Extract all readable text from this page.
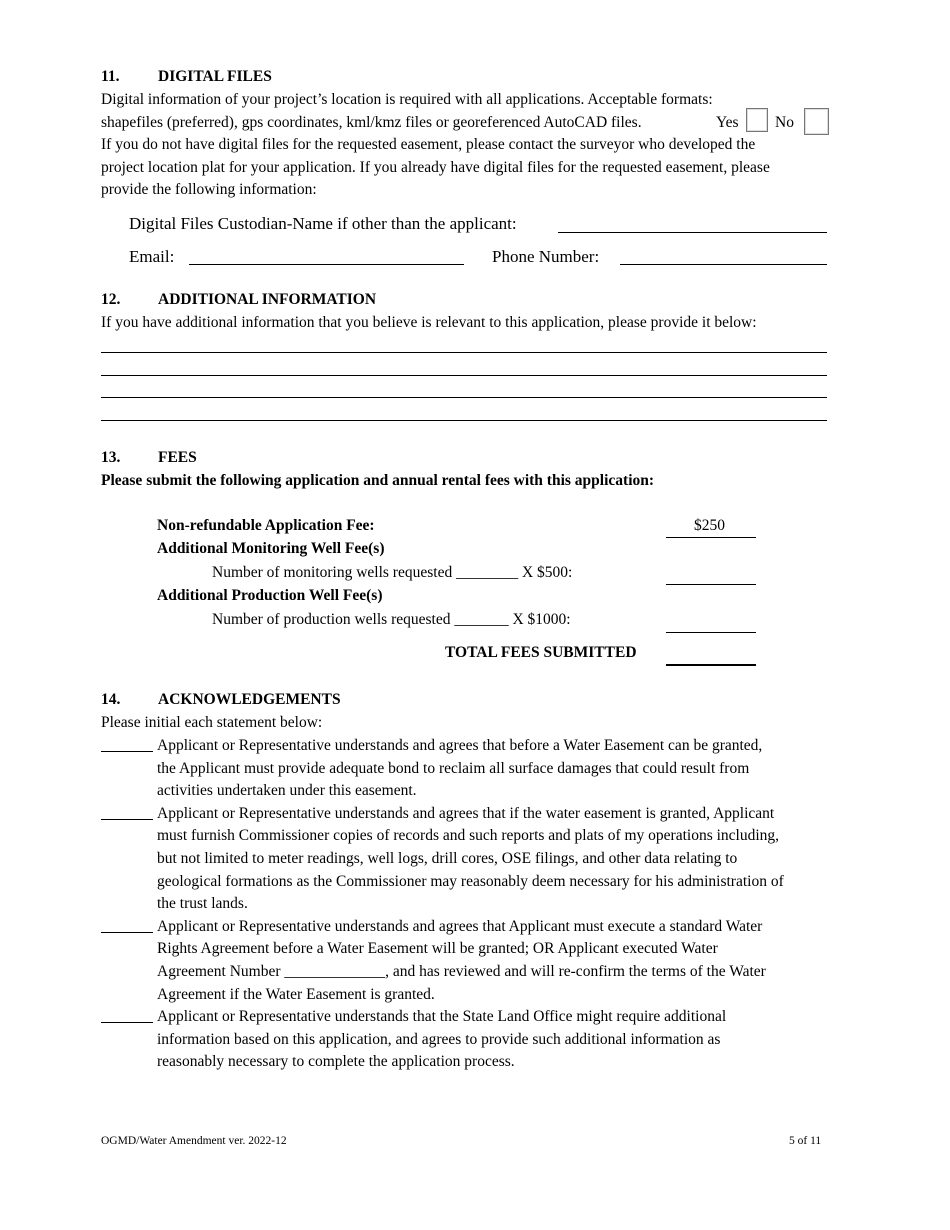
11. DIGITAL FILES
Digital information of your project’s location is required with all applications. Acceptable formats:
shapefiles (preferred), gps coordinates, kml/kmz files or georeferenced AutoCAD files.	Yes No
If you do not have digital files for the requested easement, please contact the surveyor who developed the
project location plat for your application. If you already have digital files for the requested easement, please
provide the following information:
Digital Files Custodian-Name if other than the applicant:
Email:	Phone Number:
12. ADDITIONAL INFORMATION
If you have additional information that you believe is relevant to this application, please provide it below:
13. FEES
Please submit the following application and annual rental fees with this application:
Non-refundable Application Fee:	$250
Additional Monitoring Well Fee(s)
Number of monitoring wells requested ________ X $500:
Additional Production Well Fee(s)
Number of production wells requested _______ X $1000:
TOTAL FEES SUBMITTED
14. ACKNOWLEDGEMENTS
Please initial each statement below:
Applicant or Representative understands and agrees that before a Water Easement can be granted,
the Applicant must provide adequate bond to reclaim all surface damages that could result from
activities undertaken under this easement.
Applicant or Representative understands and agrees that if the water easement is granted, Applicant
must furnish Commissioner copies of records and such reports and plats of my operations including,
but not limited to meter readings, well logs, drill cores, OSE filings, and other data relating to
geological formations as the Commissioner may reasonably deem necessary for his administration of
the trust lands.
Applicant or Representative understands and agrees that Applicant must execute a standard Water
Rights Agreement before a Water Easement will be granted; OR Applicant executed Water
Agreement Number _____________, and has reviewed and will re-confirm the terms of the Water
Agreement if the Water Easement is granted.
Applicant or Representative understands that the State Land Office might require additional
information based on this application, and agrees to provide such additional information as
reasonably necessary to complete the application process.
OGMD/Water Amendment ver. 2022-12	5 of 11
